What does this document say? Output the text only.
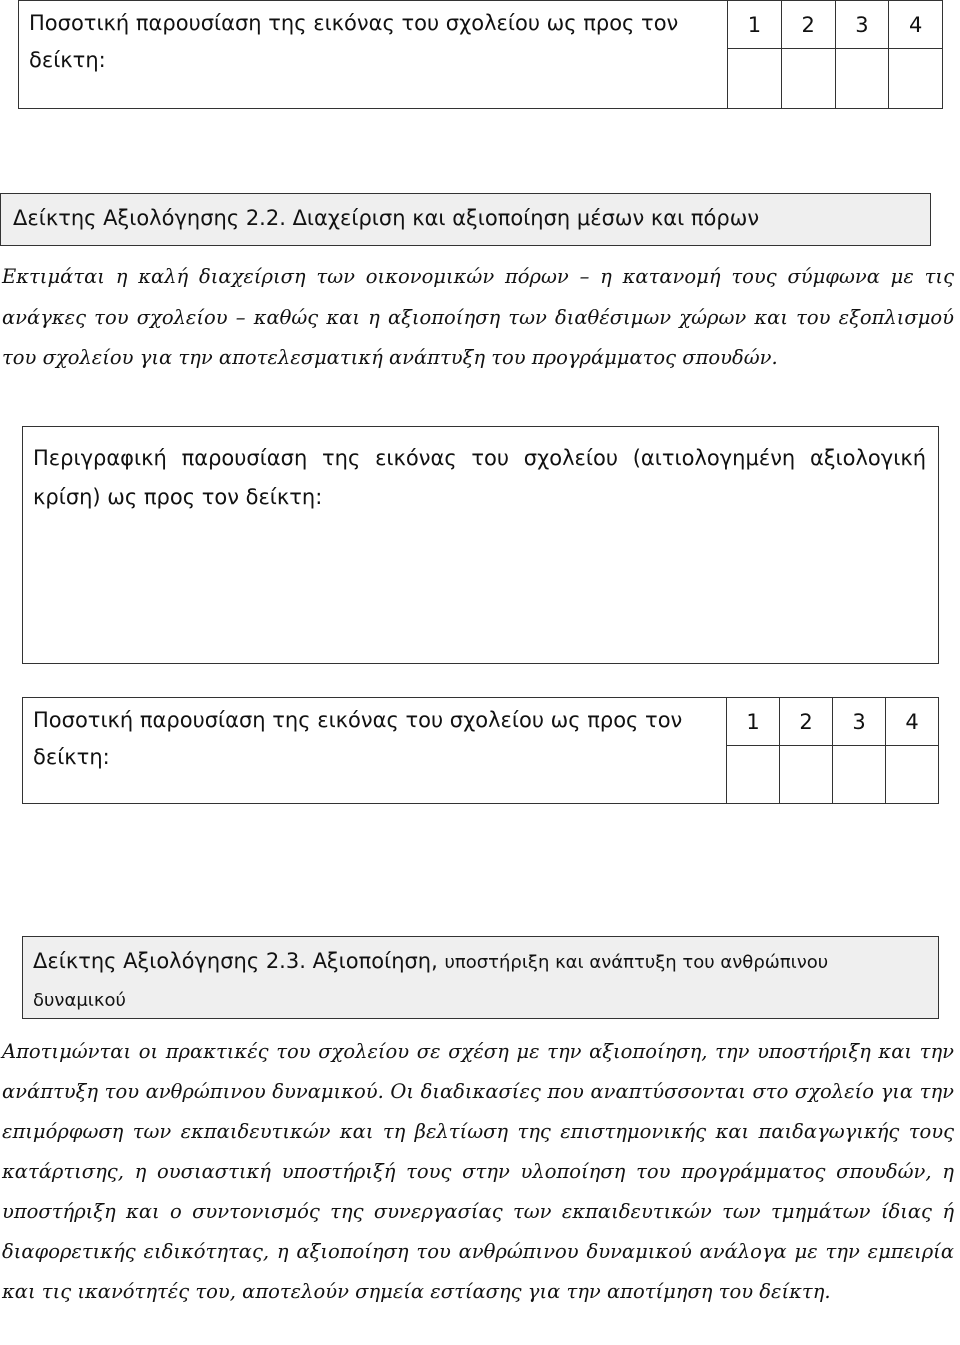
Ποσοτική παρουσίαση της εικόνας του σχολείου ως προς τον δείκτη:	1	2	3	4

Δείκτης Αξιολόγησης 2.2. Διαχείριση και αξιοποίηση μέσων και πόρων

Εκτιμάται η καλή διαχείριση των οικονομικών πόρων – η κατανομή τους σύμφωνα με τις ανάγκες του σχολείου – καθώς και η αξιοποίηση των διαθέσιμων χώρων και του εξοπλισμού του σχολείου για την αποτελεσματική ανάπτυξη του προγράμματος σπουδών.

Περιγραφική παρουσίαση της εικόνας του σχολείου (αιτιολογημένη αξιολογική κρίση) ως προς τον δείκτη:
Ποσοτική παρουσίαση της εικόνας του σχολείου ως προς τον δείκτη:	1	2	3	4

Δείκτης Αξιολόγησης 2.3. Αξιοποίηση, υποστήριξη και ανάπτυξη του ανθρώπινου δυναμικού

Αποτιμώνται οι πρακτικές του σχολείου σε σχέση με την αξιοποίηση, την υποστήριξη και την ανάπτυξη του ανθρώπινου δυναμικού. Οι διαδικασίες που αναπτύσσονται στο σχολείο για την επιμόρφωση των εκπαιδευτικών και τη βελτίωση της επιστημονικής και παιδαγωγικής τους κατάρτισης, η ουσιαστική υποστήριξή τους στην υλοποίηση του προγράμματος σπουδών, η υποστήριξη και ο συντονισμός της συνεργασίας των εκπαιδευτικών των τμημάτων ίδιας ή διαφορετικής ειδικότητας, η αξιοποίηση του ανθρώπινου δυναμικού ανάλογα με την εμπειρία και τις ικανότητές του, αποτελούν σημεία εστίασης για την αποτίμηση του δείκτη.
